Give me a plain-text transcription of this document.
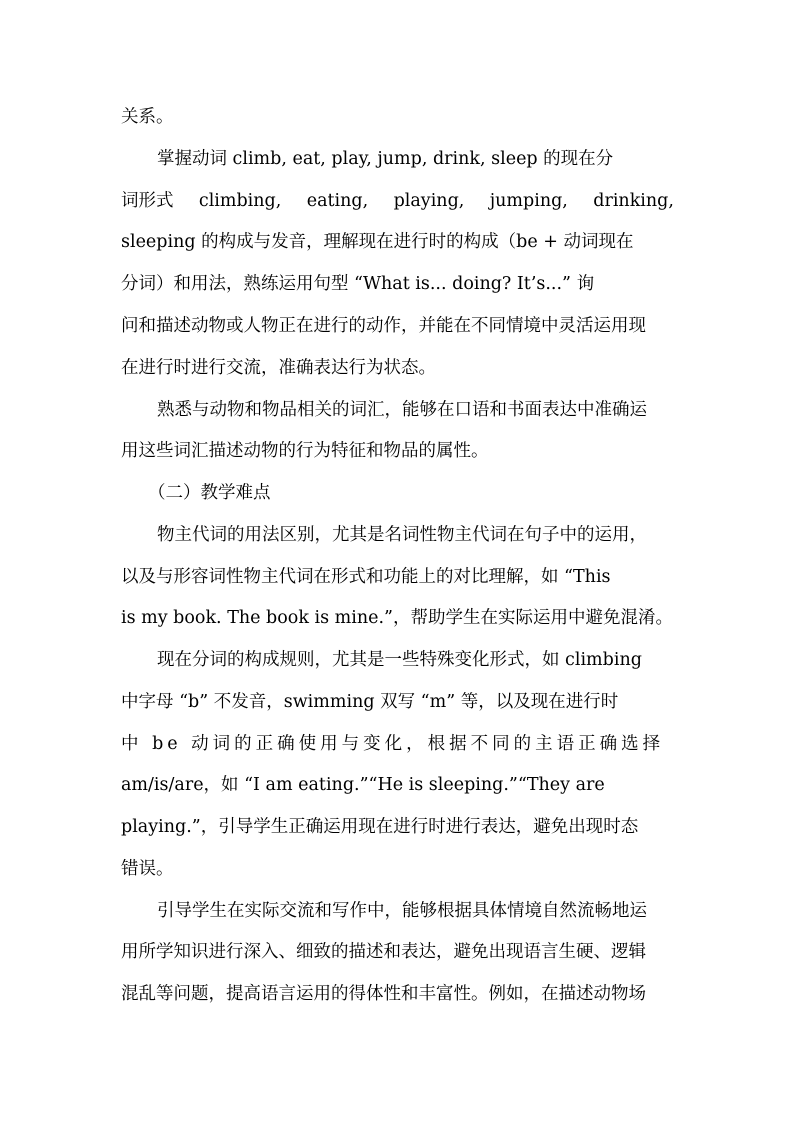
关系。
掌握动词 climb, eat, play, jump, drink, sleep 的现在分
词形式 climbing, eating, playing, jumping, drinking,
sleeping 的构成与发音，理解现在进行时的构成（be + 动词现在
分词）和用法，熟练运用句型 “What is... doing? It’s...” 询
问和描述动物或人物正在进行的动作，并能在不同情境中灵活运用现
在进行时进行交流，准确表达行为状态。
熟悉与动物和物品相关的词汇，能够在口语和书面表达中准确运
用这些词汇描述动物的行为特征和物品的属性。
（二）教学难点
物主代词的用法区别，尤其是名词性物主代词在句子中的运用，
以及与形容词性物主代词在形式和功能上的对比理解，如 “This
is my book. The book is mine.”，帮助学生在实际运用中避免混淆。
现在分词的构成规则，尤其是一些特殊变化形式，如 climbing
中字母 “b” 不发音，swimming 双写 “m” 等，以及现在进行时
中 be 动词的正确使用与变化，根据不同的主语正确选择
am/is/are，如 “I am eating.”“He is sleeping.”“They are
playing.”，引导学生正确运用现在进行时进行表达，避免出现时态
错误。
引导学生在实际交流和写作中，能够根据具体情境自然流畅地运
用所学知识进行深入、细致的描述和表达，避免出现语言生硬、逻辑
混乱等问题，提高语言运用的得体性和丰富性。例如，在描述动物场
